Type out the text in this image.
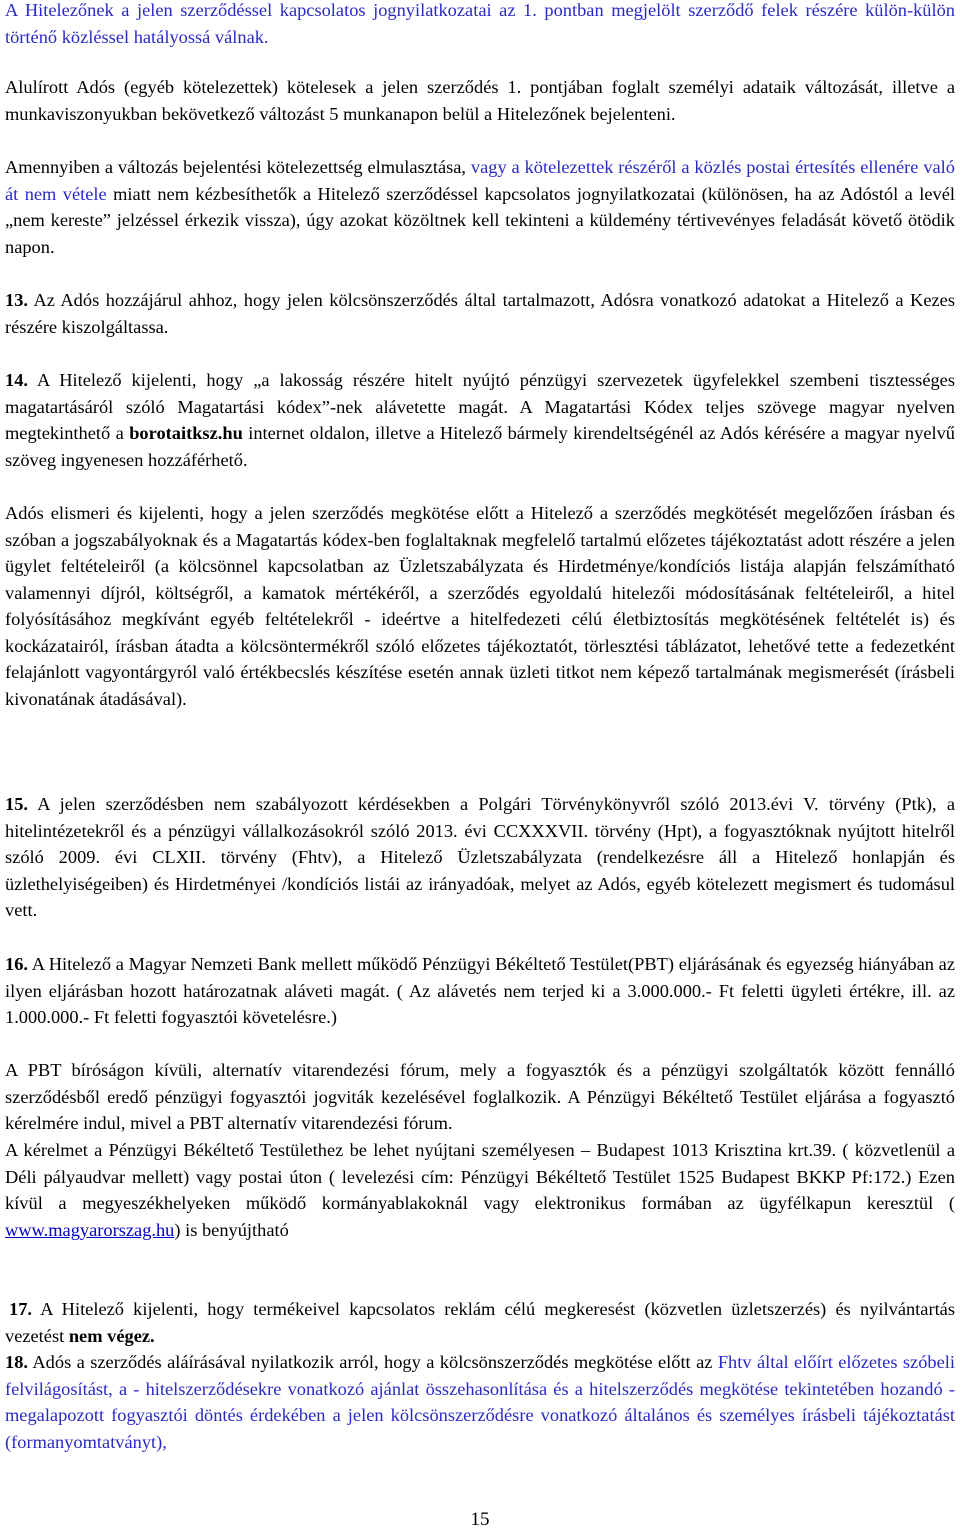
A Hitelezőnek a jelen szerződéssel kapcsolatos jognyilatkozatai az 1. pontban megjelölt szerződő felek részére külön-külön történő közléssel hatályossá válnak.

Alulírott Adós (egyéb kötelezettek) kötelesek a jelen szerződés 1. pontjában foglalt személyi adataik változását, illetve a munkaviszonyukban bekövetkező változást 5 munkanapon belül a Hitelezőnek bejelenteni.

Amennyiben a változás bejelentési kötelezettség elmulasztása, vagy a kötelezettek részéről a közlés postai értesítés ellenére való át nem vétele miatt nem kézbesíthetők a Hitelező szerződéssel kapcsolatos jognyilatkozatai (különösen, ha az Adóstól a levél „nem kereste” jelzéssel érkezik vissza), úgy azokat közöltnek kell tekinteni a küldemény tértivevényes feladását követő ötödik napon.

13. Az Adós hozzájárul ahhoz, hogy jelen kölcsönszerződés által tartalmazott, Adósra vonatkozó adatokat a Hitelező a Kezes részére kiszolgáltassa.

14. A Hitelező kijelenti, hogy „a lakosság részére hitelt nyújtó pénzügyi szervezetek ügyfelekkel szembeni tisztességes magatartásáról szóló Magatartási kódex”-nek alávetette magát. A Magatartási Kódex teljes szövege magyar nyelven megtekinthető a borotaitksz.hu internet oldalon, illetve a Hitelező bármely kirendeltségénél az Adós kérésére a magyar nyelvű szöveg ingyenesen hozzáférhető.

Adós elismeri és kijelenti, hogy a jelen szerződés megkötése előtt a Hitelező a szerződés megkötését megelőzően írásban és szóban a jogszabályoknak és a Magatartás kódex-ben foglaltaknak megfelelő tartalmú előzetes tájékoztatást adott részére a jelen ügylet feltételeiről (a kölcsönnel kapcsolatban az Üzletszabályzata és Hirdetménye/kondíciós listája alapján felszámítható valamennyi díjról, költségről, a kamatok mértékéről, a szerződés egyoldalú hitelezői módosításának feltételeiről, a hitel folyósításához megkívánt egyéb feltételekről - ideértve a hitelfedezeti célú életbiztosítás megkötésének feltételét is) és kockázatairól, írásban átadta a kölcsöntermékről szóló előzetes tájékoztatót, törlesztési táblázatot, lehetővé tette a fedezetként felajánlott vagyontárgyról való értékbecslés készítése esetén annak üzleti titkot nem képező tartalmának megismerését (írásbeli kivonatának átadásával).

15. A jelen szerződésben nem szabályozott kérdésekben a Polgári Törvénykönyvről szóló 2013.évi V. törvény (Ptk), a hitelintézetekről és a pénzügyi vállalkozásokról szóló 2013. évi CCXXXVII. törvény (Hpt), a fogyasztóknak nyújtott hitelről szóló 2009. évi CLXII. törvény (Fhtv), a Hitelező Üzletszabályzata (rendelkezésre áll a Hitelező honlapján és üzlethelyiségeiben) és Hirdetményei /kondíciós listái az irányadóak, melyet az Adós, egyéb kötelezett megismert és tudomásul vett.

16. A Hitelező a Magyar Nemzeti Bank mellett működő Pénzügyi Békéltető Testület(PBT) eljárásának és egyezség hiányában az ilyen eljárásban hozott határozatnak aláveti magát. ( Az alávetés nem terjed ki a 3.000.000.- Ft feletti ügyleti értékre, ill. az 1.000.000.- Ft feletti fogyasztói követelésre.)

A PBT bíróságon kívüli, alternatív vitarendezési fórum, mely a fogyasztók és a pénzügyi szolgáltatók között fennálló szerződésből eredő pénzügyi fogyasztói jogviták kezelésével foglalkozik. A Pénzügyi Békéltető Testület eljárása a fogyasztó kérelmére indul, mivel a PBT alternatív vitarendezési fórum.

A kérelmet a Pénzügyi Békéltető Testülethez be lehet nyújtani személyesen – Budapest 1013 Krisztina krt.39. ( közvetlenül a Déli pályaudvar mellett) vagy postai úton ( levelezési cím: Pénzügyi Békéltető Testület 1525 Budapest BKKP Pf:172.) Ezen kívül a megyeszékhelyeken működő kormányablakoknál vagy elektronikus formában az ügyfélkapun keresztül ( www.magyarorszag.hu) is benyújtható

17. A Hitelező kijelenti, hogy termékeivel kapcsolatos reklám célú megkeresést (közvetlen üzletszerzés) és nyilvántartás vezetést nem végez.

18. Adós a szerződés aláírásával nyilatkozik arról, hogy a kölcsönszerződés megkötése előtt az Fhtv által előírt előzetes szóbeli felvilágosítást, a - hitelszerződésekre vonatkozó ajánlat összehasonlítása és a hitelszerződés megkötése tekintetében hozandó - megalapozott fogyasztói döntés érdekében a jelen kölcsönszerződésre vonatkozó általános és személyes írásbeli tájékoztatást (formanyomtatványt),

15
